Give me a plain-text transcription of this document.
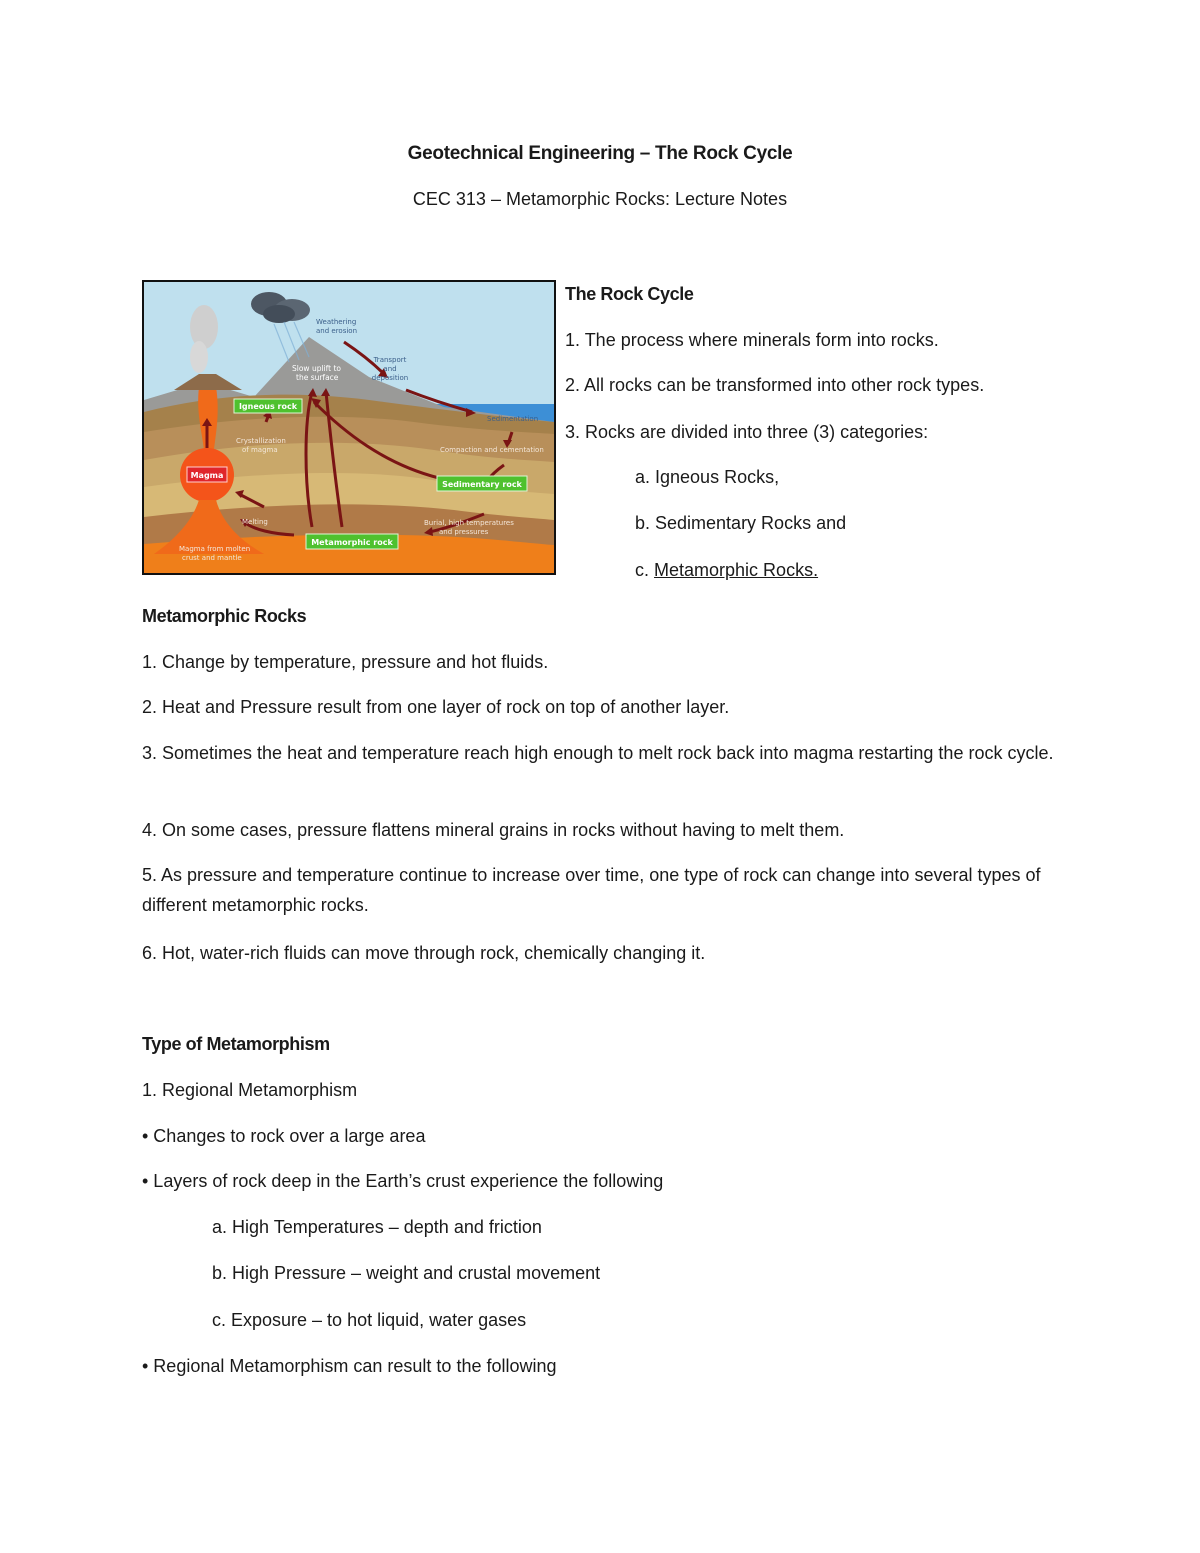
Geotechnical Engineering – The Rock Cycle
CEC 313 – Metamorphic Rocks: Lecture Notes
Igneous rock
Magma
Sedimentary rock
Metamorphic rock
Weathering
and erosion
Transport
and
deposition
Slow uplift to
the surface
Sedimentation
Crystallization
of magma	Compaction and cementation
Melting	Burial, high temperatures
and pressures
Magma from molten
crust and mantle
The Rock Cycle
1. The process where minerals form into rocks.
2. All rocks can be transformed into other rock types.
3. Rocks are divided into three (3) categories:
a. Igneous Rocks,
b. Sedimentary Rocks and
c. Metamorphic Rocks.
Metamorphic Rocks
1. Change by temperature, pressure and hot fluids.
2. Heat and Pressure result from one layer of rock on top of another layer.
3. Sometimes the heat and temperature reach high enough to melt rock back into magma restarting the rock cycle.
4. On some cases, pressure flattens mineral grains in rocks without having to melt them.
5. As pressure and temperature continue to increase over time, one type of rock can change into several types of different metamorphic rocks.
6. Hot, water-rich fluids can move through rock, chemically changing it.
Type of Metamorphism
1. Regional Metamorphism
• Changes to rock over a large area
• Layers of rock deep in the Earth’s crust experience the following
a. High Temperatures – depth and friction
b. High Pressure – weight and crustal movement
c. Exposure – to hot liquid, water gases
• Regional Metamorphism can result to the following
